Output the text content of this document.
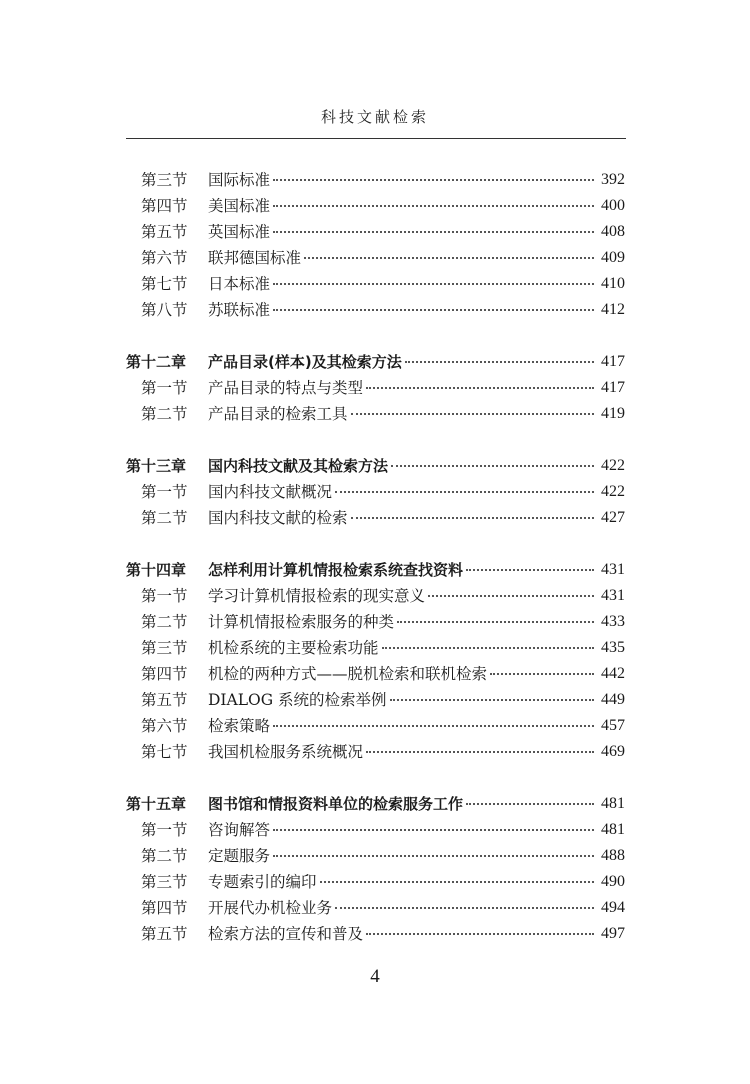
科技文献检索
第三节 国际标准	392
第四节 美国标准	400
第五节 英国标准	408
第六节 联邦德国标准	409
第七节 日本标准	410
第八节 苏联标准	412
第十二章 产品目录(样本)及其检索方法	417
第一节 产品目录的特点与类型	417
第二节 产品目录的检索工具	419
第十三章 国内科技文献及其检索方法	422
第一节 国内科技文献概况	422
第二节 国内科技文献的检索	427
第十四章 怎样利用计算机情报检索系统查找资料	431
第一节 学习计算机情报检索的现实意义	431
第二节 计算机情报检索服务的种类	433
第三节 机检系统的主要检索功能	435
第四节 机检的两种方式——脱机检索和联机检索	442
第五节 DIALOG 系统的检索举例	449
第六节 检索策略	457
第七节 我国机检服务系统概况	469
第十五章 图书馆和情报资料单位的检索服务工作	481
第一节 咨询解答	481
第二节 定题服务	488
第三节 专题索引的编印	490
第四节 开展代办机检业务	494
第五节 检索方法的宣传和普及	497
4
